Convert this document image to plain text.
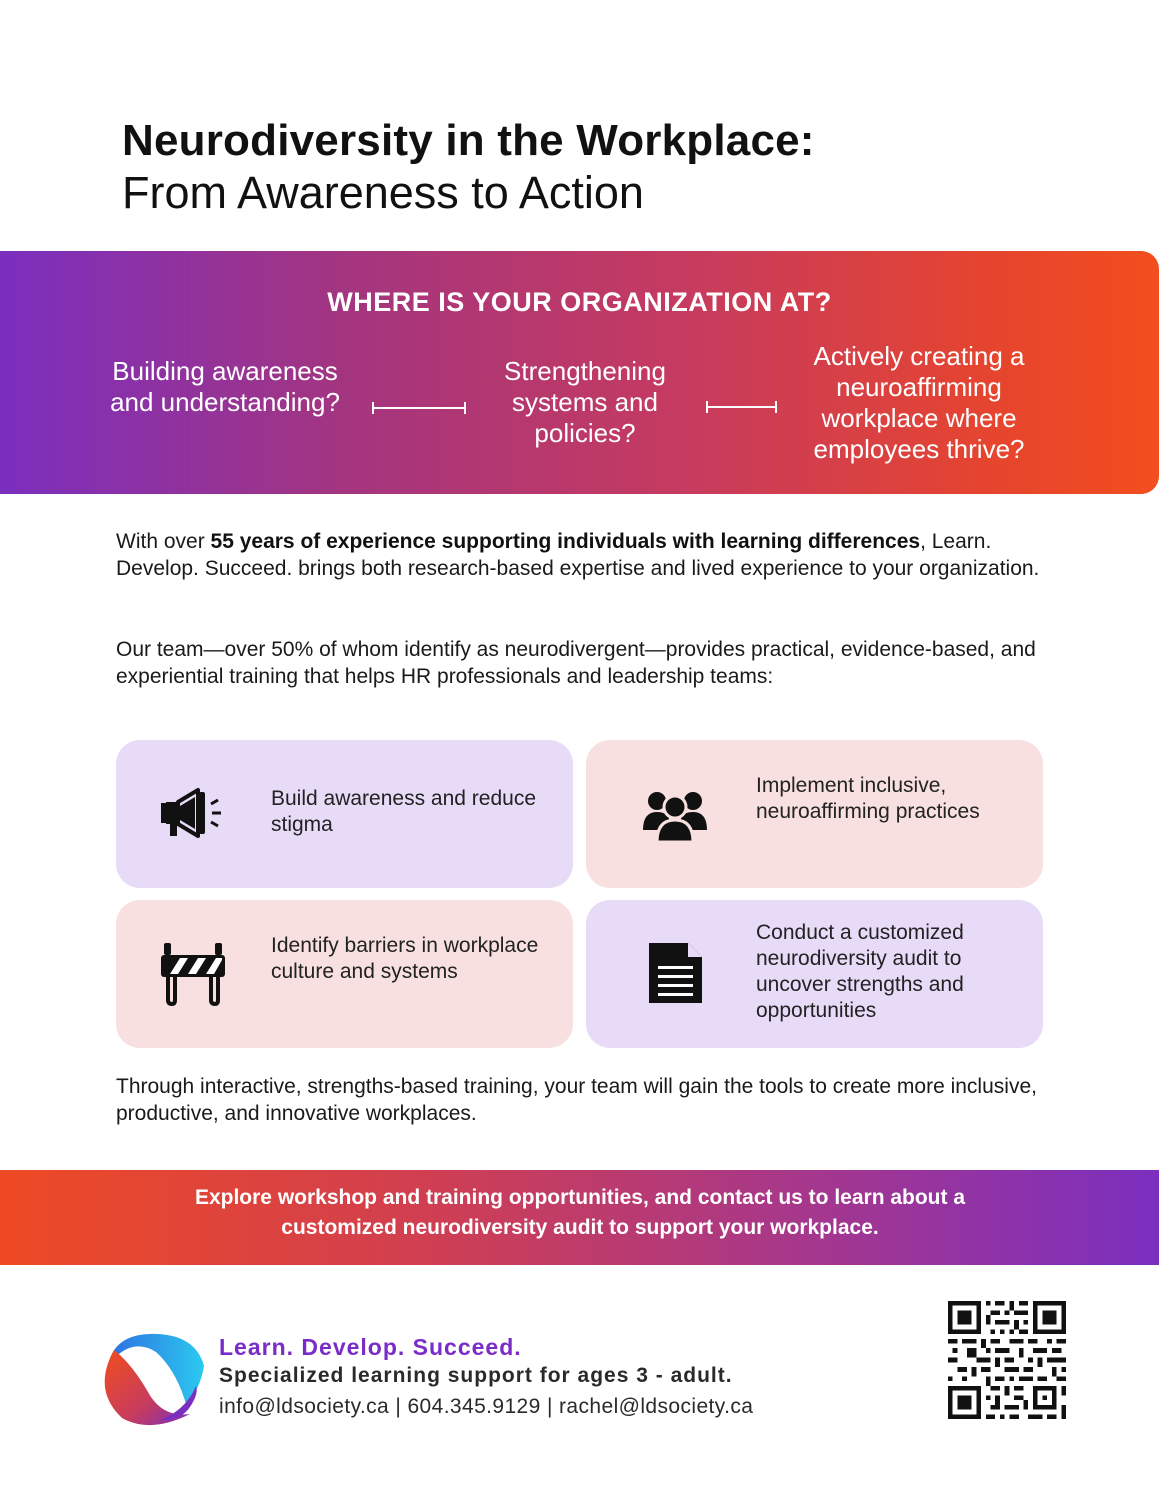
Neurodiversity in the Workplace:
From Awareness to Action
WHERE IS YOUR ORGANIZATION AT?
Building awareness and understanding?
Strengthening systems and policies?
Actively creating a neuroaffirming workplace where employees thrive?
With over 55 years of experience supporting individuals with learning differences, Learn. Develop. Succeed. brings both research-based expertise and lived experience to your organization.
Our team—over 50% of whom identify as neurodivergent—provides practical, evidence-based, and experiential training that helps HR professionals and leadership teams:
Build awareness and reduce stigma
Implement inclusive, neuroaffirming practices
Identify barriers in workplace culture and systems
Conduct a customized neurodiversity audit to uncover strengths and opportunities
Through interactive, strengths-based training, your team will gain the tools to create more inclusive, productive, and innovative workplaces.
Explore workshop and training opportunities, and contact us to learn about a customized neurodiversity audit to support your workplace.
Learn. Develop. Succeed.
Specialized learning support for ages 3 - adult.
info@ldsociety.ca | 604.345.9129 | rachel@ldsociety.ca
